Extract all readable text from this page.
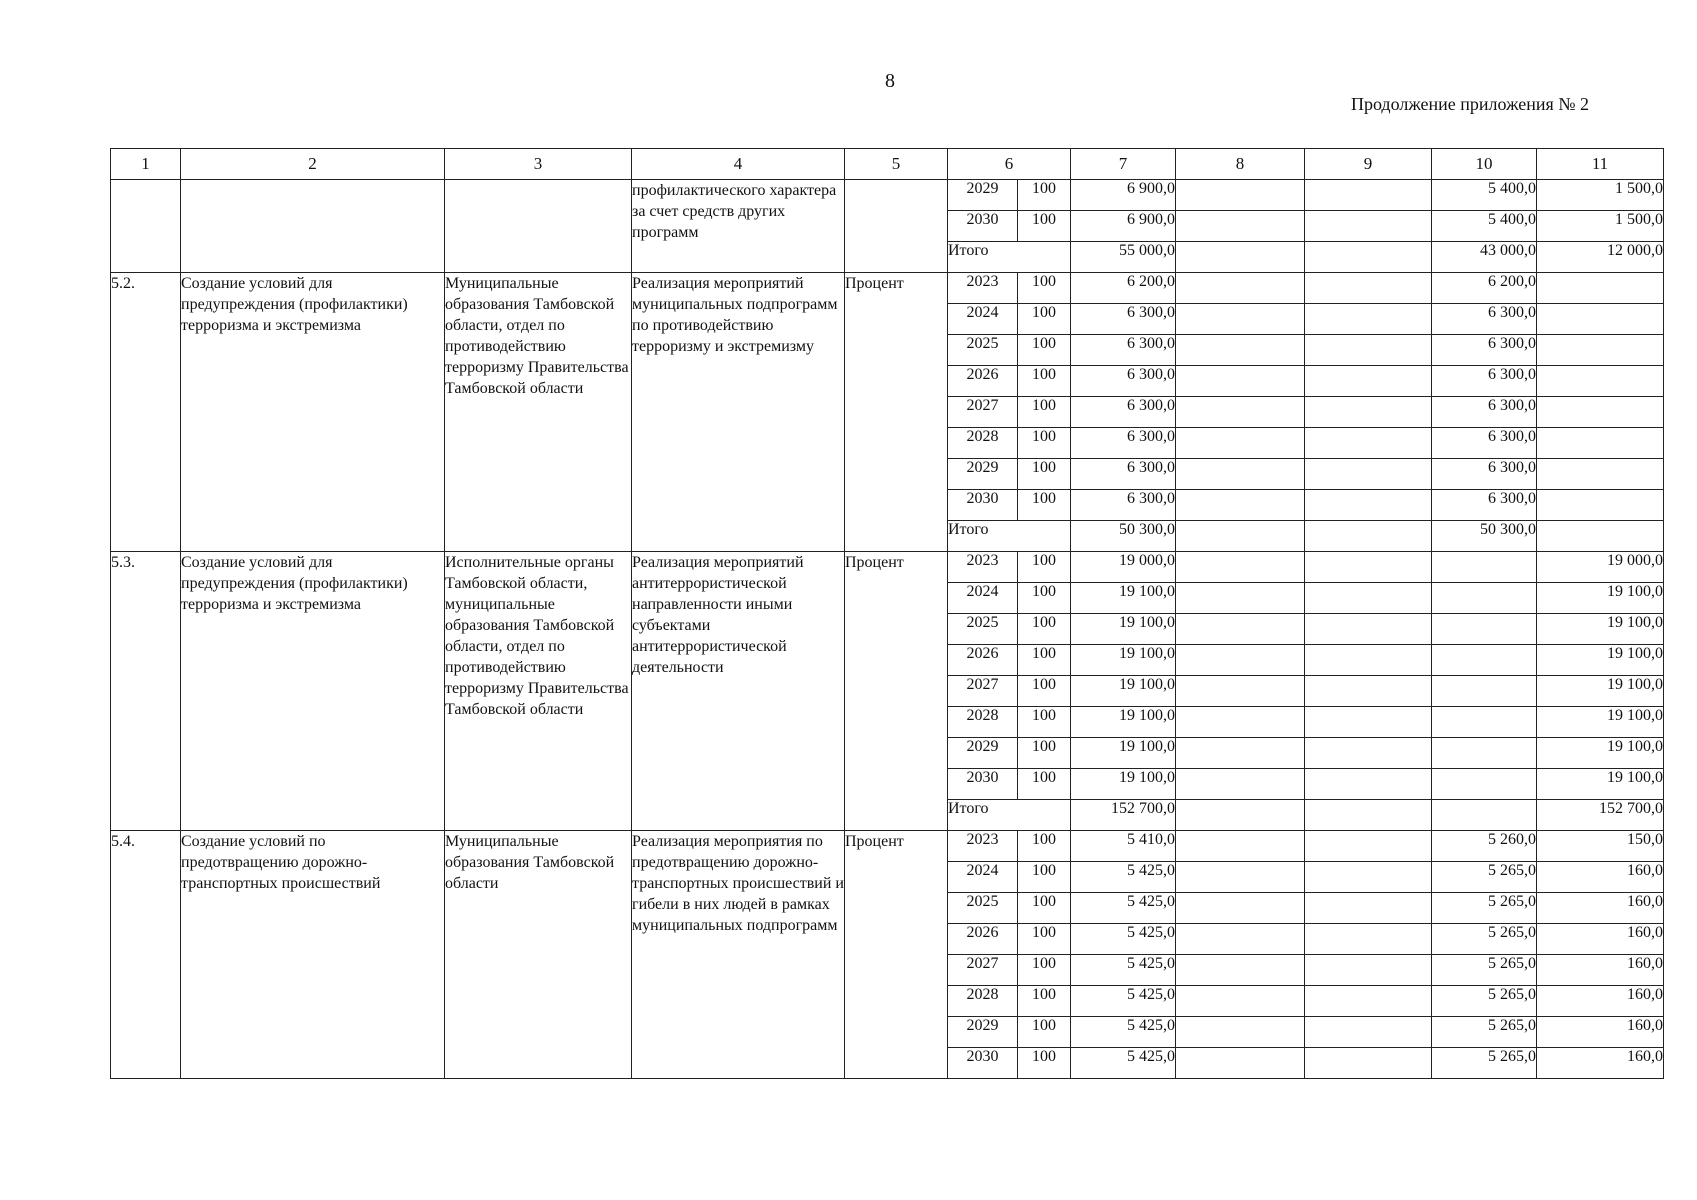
8
Продолжение приложения № 2
1	2	3	4	5	6		7	8	9	10	11
			профилактического характера за счет средств других программ		2029	100	6 900,0			5 400,0	1 500,0
					2030	100	6 900,0			5 400,0	1 500,0
					Итого		55 000,0			43 000,0	12 000,0
5.2.	Создание условий для предупреждения (профилактики) терроризма и экстремизма	Муниципальные образования Тамбовской области, отдел по противодействию терроризму Правительства Тамбовской области	Реализация мероприятий муниципальных подпрограмм по противодействию терроризму и экстремизму	Процент	2023	100	6 200,0			6 200,0	
					2024	100	6 300,0			6 300,0	
					2025	100	6 300,0			6 300,0	
					2026	100	6 300,0			6 300,0	
					2027	100	6 300,0			6 300,0	
					2028	100	6 300,0			6 300,0	
					2029	100	6 300,0			6 300,0	
					2030	100	6 300,0			6 300,0	
					Итого		50 300,0			50 300,0	
5.3.	Создание условий для предупреждения (профилактики) терроризма и экстремизма	Исполнительные органы Тамбовской области, муниципальные образования Тамбовской области, отдел по противодействию терроризму Правительства Тамбовской области	Реализация мероприятий антитеррористической направленности иными субъектами антитеррористической деятельности	Процент	2023	100	19 000,0				19 000,0
					2024	100	19 100,0				19 100,0
					2025	100	19 100,0				19 100,0
					2026	100	19 100,0				19 100,0
					2027	100	19 100,0				19 100,0
					2028	100	19 100,0				19 100,0
					2029	100	19 100,0				19 100,0
					2030	100	19 100,0				19 100,0
					Итого		152 700,0				152 700,0
5.4.	Создание условий по предотвращению дорожно-транспортных происшествий	Муниципальные образования Тамбовской области	Реализация мероприятия по предотвращению дорожно-транспортных происшествий и гибели в них людей в рамках муниципальных подпрограмм	Процент	2023	100	5 410,0			5 260,0	150,0
					2024	100	5 425,0			5 265,0	160,0
					2025	100	5 425,0			5 265,0	160,0
					2026	100	5 425,0			5 265,0	160,0
					2027	100	5 425,0			5 265,0	160,0
					2028	100	5 425,0			5 265,0	160,0
					2029	100	5 425,0			5 265,0	160,0
					2030	100	5 425,0			5 265,0	160,0
